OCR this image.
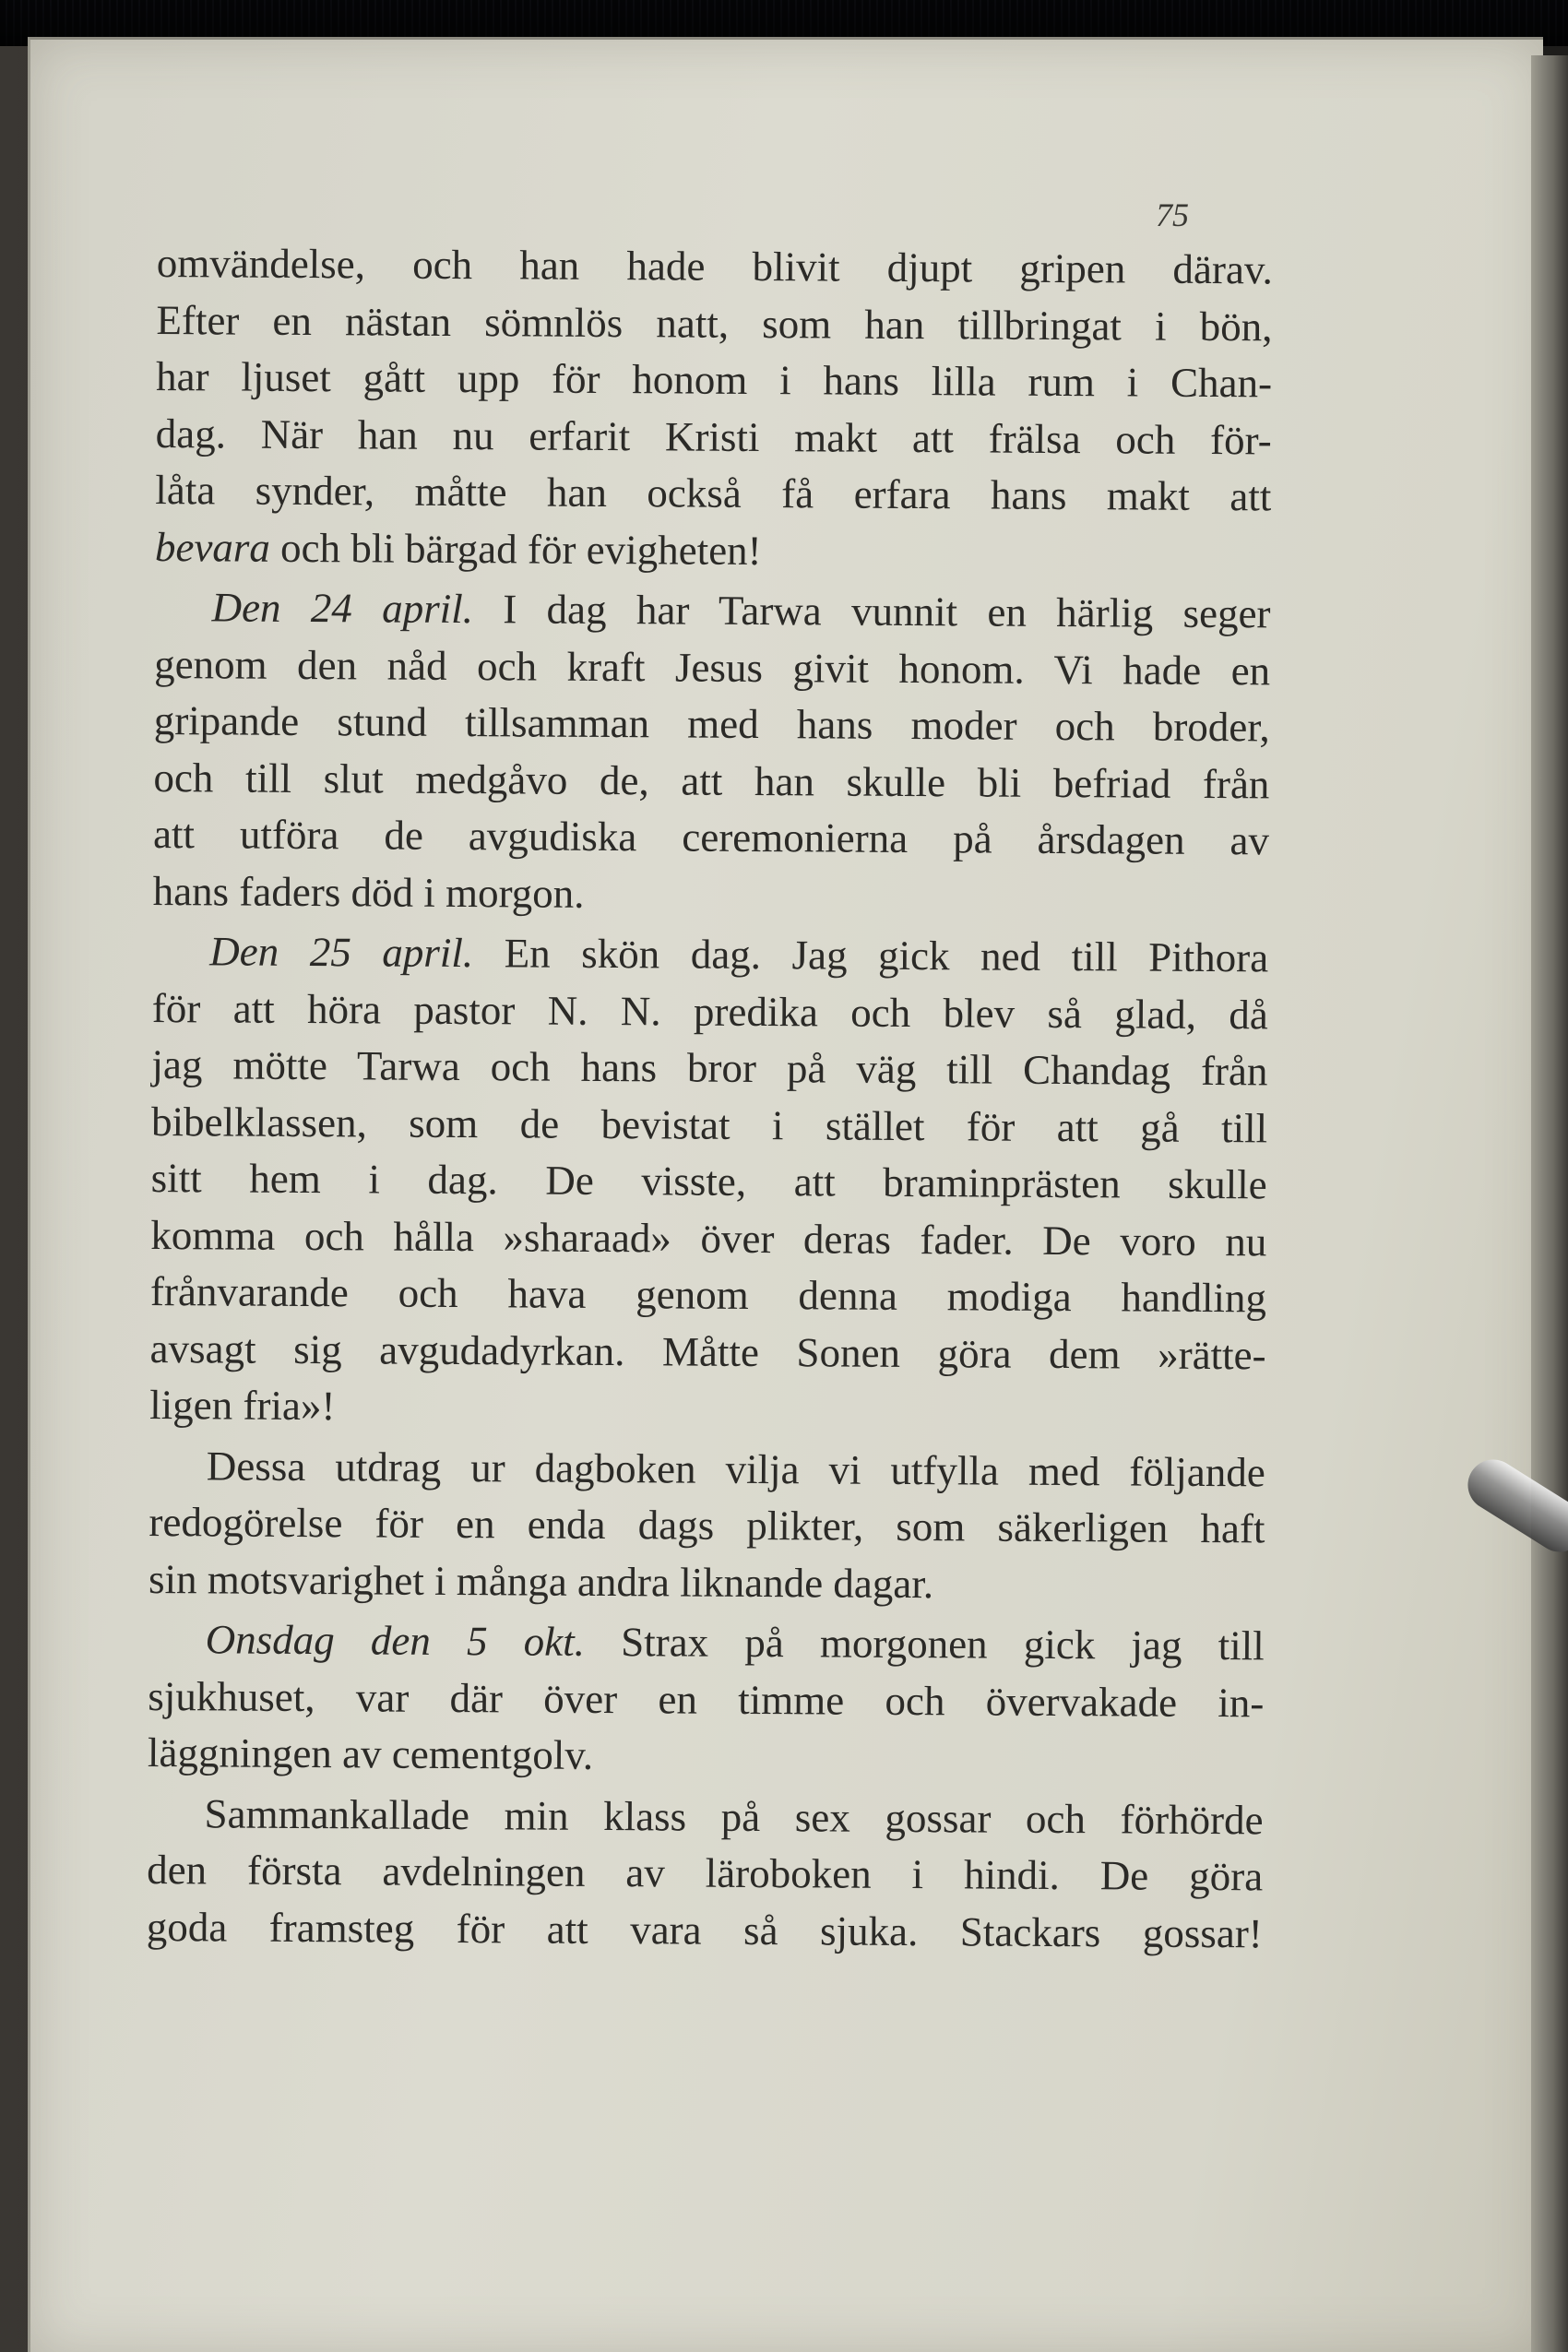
75
omvändelse, och han hade blivit djupt gripen därav.
Efter en nästan sömnlös natt, som han tillbringat i bön,
har ljuset gått upp för honom i hans lilla rum i Chan-
dag. När han nu erfarit Kristi makt att frälsa och för-
låta synder, måtte han också få erfara hans makt att
bevara och bli bärgad för evigheten!
Den 24 april. I dag har Tarwa vunnit en härlig seger
genom den nåd och kraft Jesus givit honom. Vi hade en
gripande stund tillsamman med hans moder och broder,
och till slut medgåvo de, att han skulle bli befriad från
att utföra de avgudiska ceremonierna på årsdagen av
hans faders död i morgon.
Den 25 april. En skön dag. Jag gick ned till Pithora
för att höra pastor N. N. predika och blev så glad, då
jag mötte Tarwa och hans bror på väg till Chandag från
bibelklassen, som de bevistat i stället för att gå till
sitt hem i dag. De visste, att braminprästen skulle
komma och hålla »sharaad» över deras fader. De voro nu
frånvarande och hava genom denna modiga handling
avsagt sig avgudadyrkan. Måtte Sonen göra dem »rätte-
ligen fria»!
Dessa utdrag ur dagboken vilja vi utfylla med följande
redogörelse för en enda dags plikter, som säkerligen haft
sin motsvarighet i många andra liknande dagar.
Onsdag den 5 okt. Strax på morgonen gick jag till
sjukhuset, var där över en timme och övervakade in-
läggningen av cementgolv.
Sammankallade min klass på sex gossar och förhörde
den första avdelningen av läroboken i hindi. De göra
goda framsteg för att vara så sjuka. Stackars gossar!
